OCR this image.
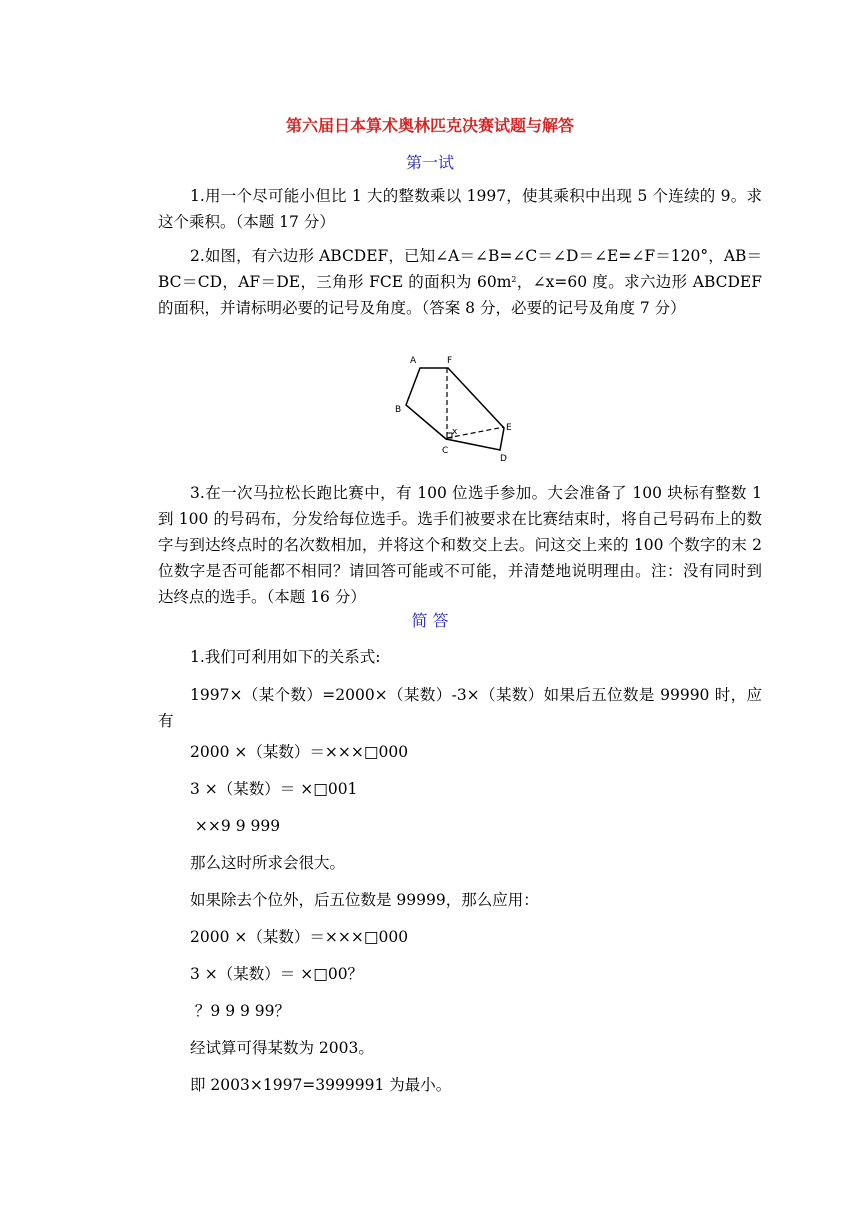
第六届日本算术奥林匹克决赛试题与解答
第一试
1.用一个尽可能小但比 1 大的整数乘以 1997，使其乘积中出现 5 个连续的 9。求这个乘积。（本题 17 分）
2.如图，有六边形 ABCDEF，已知∠A＝∠B=∠C＝∠D＝∠E=∠F＝120°，AB＝BC＝CD，AF＝DE，三角形 FCE 的面积为 $60m^2$，∠x=60 度。求六边形 ABCDEF 的面积，并请标明必要的记号及角度。（答案 8 分，必要的记号及角度 7 分）
A	F
B
E
x
C
D
3.在一次马拉松长跑比赛中，有 100 位选手参加。大会准备了 100 块标有整数 1 到 100 的号码布，分发给每位选手。选手们被要求在比赛结束时，将自己号码布上的数字与到达终点时的名次数相加，并将这个和数交上去。问这交上来的 100 个数字的末 2 位数字是否可能都不相同？请回答可能或不可能，并清楚地说明理由。注：没有同时到达终点的选手。（本题 16 分）
简 答
1.我们可利用如下的关系式:
1997×（某个数）=2000×（某数）-3×（某数）如果后五位数是 99990 时，应有
2000 ×（某数）＝×××□000
3 ×（某数）＝ ×□001
××9 9 999
那么这时所求会很大。
如果除去个位外，后五位数是 99999，那么应用：
2000 ×（某数）＝×××□000
3 ×（某数）＝ ×□00？
？9 9 9 99？
经试算可得某数为 2003。
即 2003×1997=3999991 为最小。
